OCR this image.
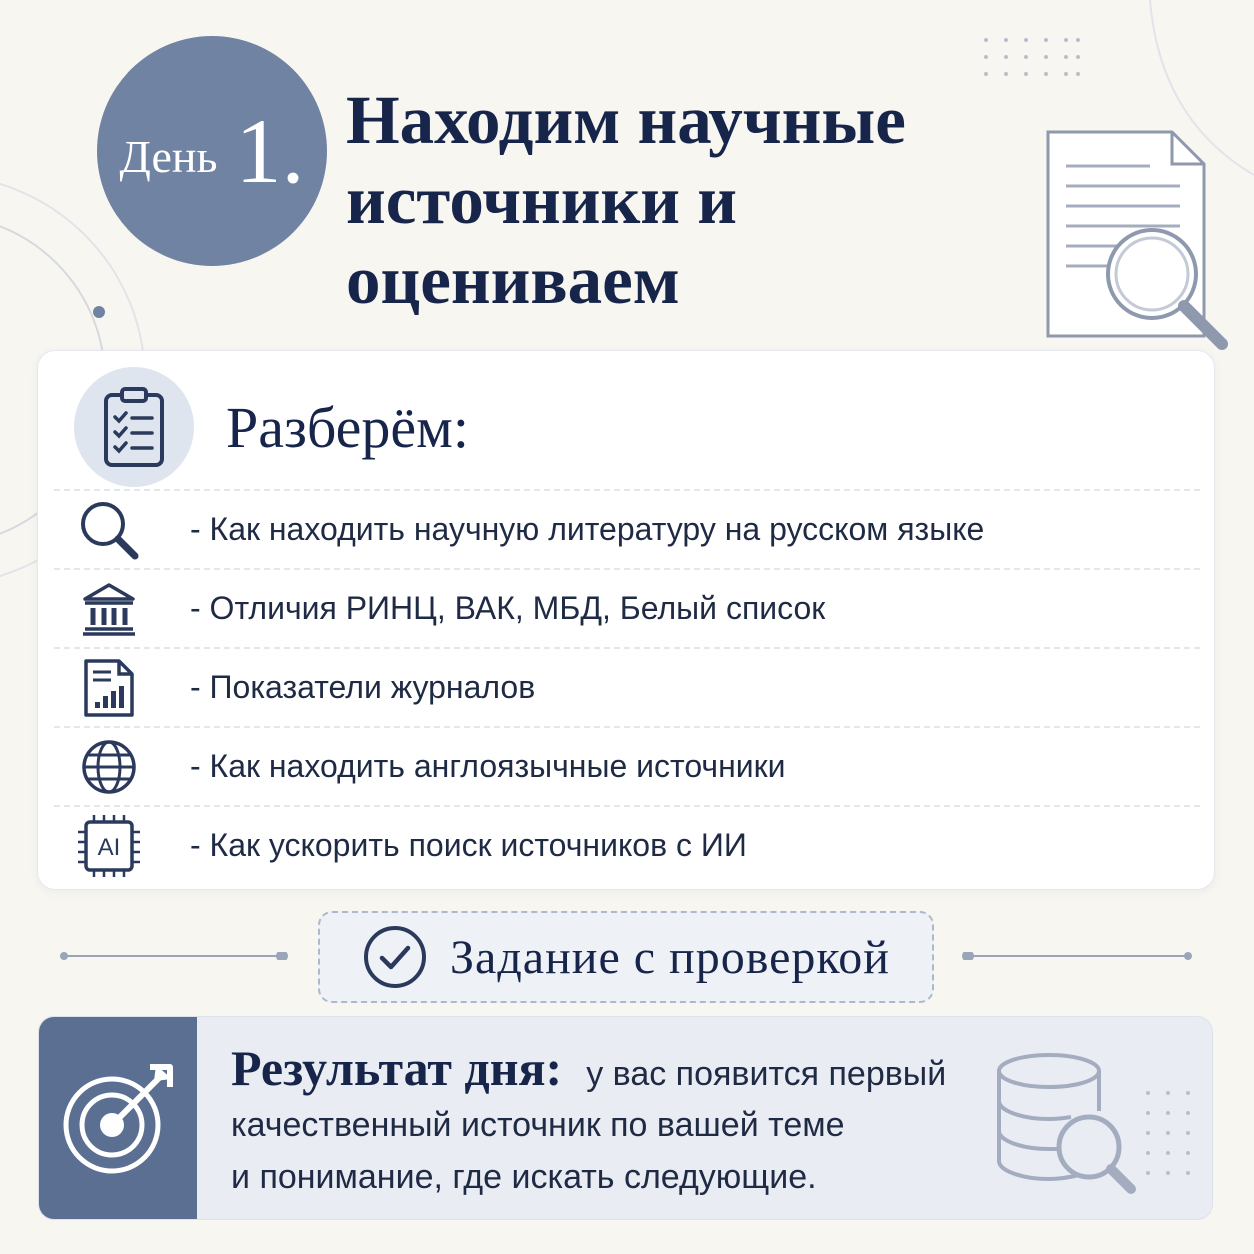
День 1. Находим научные
источники и оцениваем
Разберём:
- Как находить научную литературу на русском языке
- Отличия РИНЦ, ВАК, МБД, Белый список
- Показатели журналов
- Как находить англоязычные источники
AI - Как ускорить поиск источников с ИИ
Задание с проверкой
Результат дня: у вас появится первый
качественный источник по вашей теме
и понимание, где искать следующие.
